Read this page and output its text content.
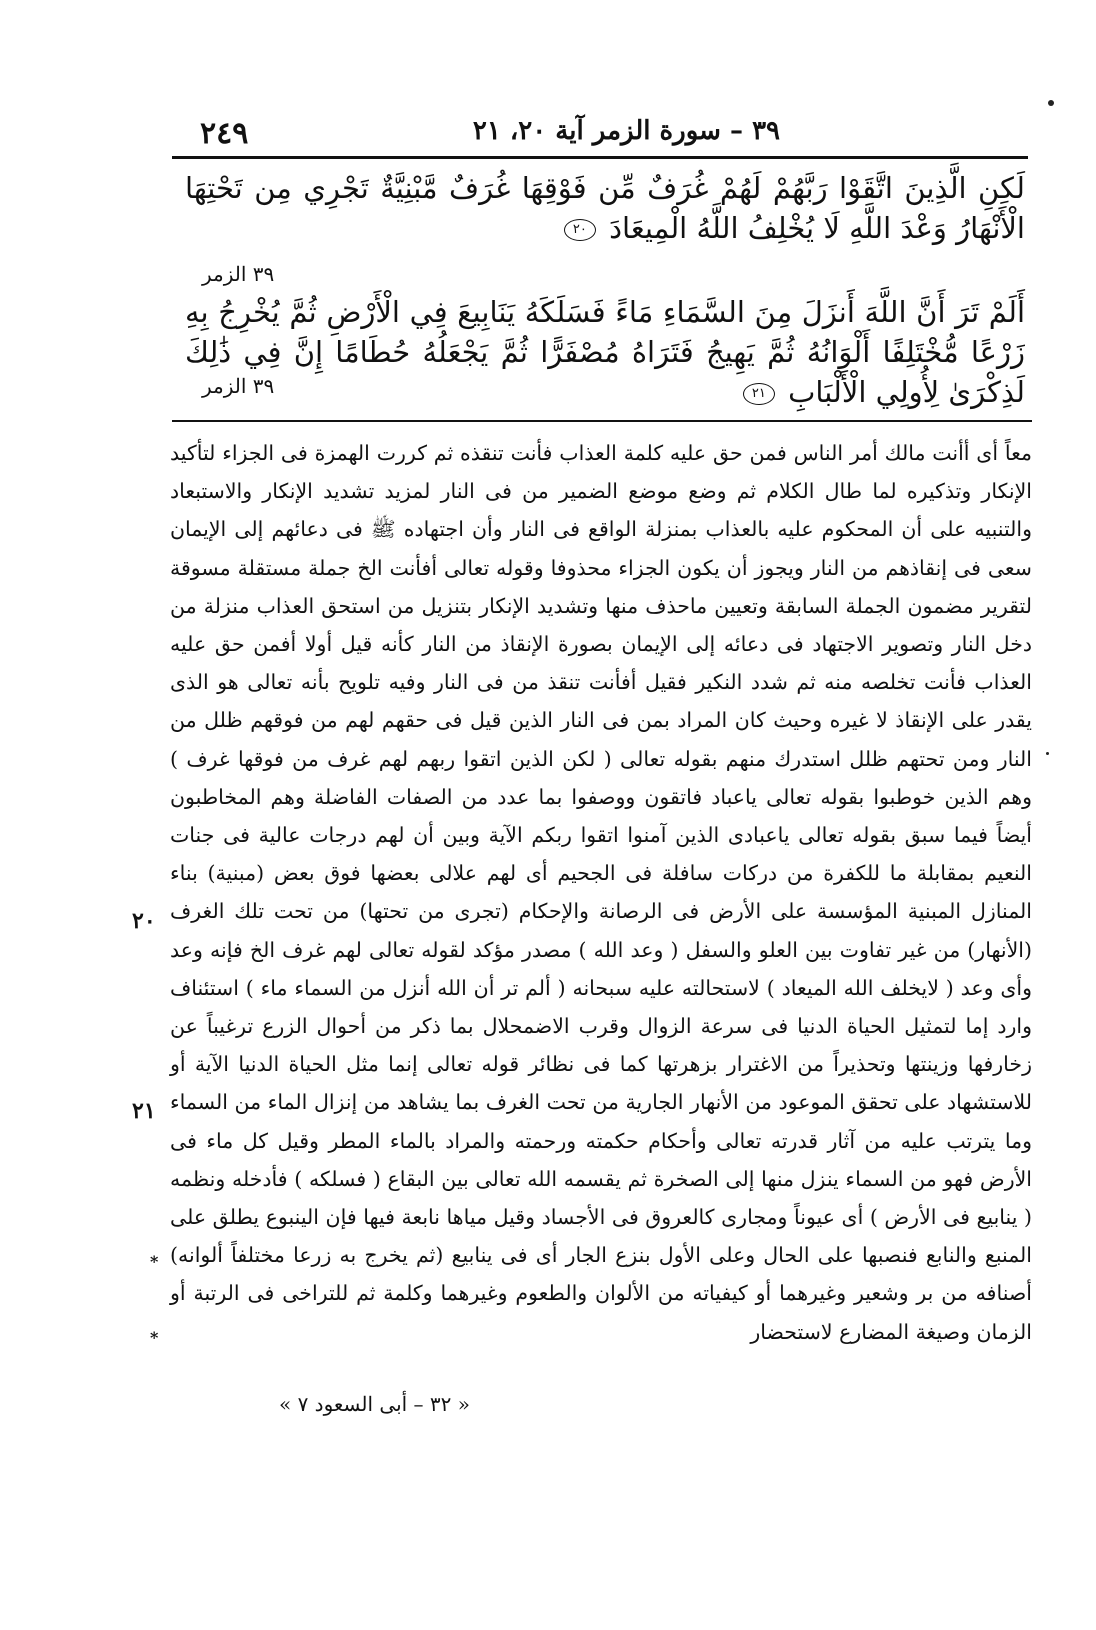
٢٤٩	٣٩ – سورة الزمر آية ٢٠، ٢١
لَكِنِ الَّذِينَ اتَّقَوْا رَبَّهُمْ لَهُمْ غُرَفٌ مِّن فَوْقِهَا غُرَفٌ مَّبْنِيَّةٌ تَجْرِي مِن تَحْتِهَا الْأَنْهَارُ وَعْدَ اللَّهِ لَا يُخْلِفُ اللَّهُ الْمِيعَادَ ٢٠
٣٩ الزمر
أَلَمْ تَرَ أَنَّ اللَّهَ أَنزَلَ مِنَ السَّمَاءِ مَاءً فَسَلَكَهُ يَنَابِيعَ فِي الْأَرْضِ ثُمَّ يُخْرِجُ بِهِ زَرْعًا مُّخْتَلِفًا أَلْوَانُهُ ثُمَّ يَهِيجُ فَتَرَاهُ مُصْفَرًّا ثُمَّ يَجْعَلُهُ حُطَامًا إِنَّ فِي ذَٰلِكَ لَذِكْرَىٰ لِأُولِي الْأَلْبَابِ ٢١
٣٩ الزمر

معاً أى أأنت مالك أمر الناس فمن حق عليه كلمة العذاب فأنت تنقذه ثم كررت الهمزة فى الجزاء لتأكيد الإنكار وتذكيره لما طال الكلام ثم وضع موضع الضمير من فى النار لمزيد تشديد الإنكار والاستبعاد والتنبيه على أن المحكوم عليه بالعذاب بمنزلة الواقع فى النار وأن اجتهاده ﷺ فى دعائهم إلى الإيمان سعى فى إنقاذهم من النار ويجوز أن يكون الجزاء محذوفا وقوله تعالى أفأنت الخ جملة مستقلة مسوقة لتقرير مضمون الجملة السابقة وتعيين ماحذف منها وتشديد الإنكار بتنزيل من استحق العذاب منزلة من دخل النار وتصوير الاجتهاد فى دعائه إلى الإيمان بصورة الإنقاذ من النار كأنه قيل أولا أفمن حق عليه العذاب فأنت تخلصه منه ثم شدد النكير فقيل أفأنت تنقذ من فى النار وفيه تلويح بأنه تعالى هو الذى يقدر على الإنقاذ لا غيره وحيث كان المراد بمن فى النار الذين قيل فى حقهم لهم من فوقهم ظلل من النار ومن تحتهم ظلل استدرك منهم بقوله تعالى ( لكن الذين اتقوا ربهم لهم غرف من فوقها غرف ) وهم الذين خوطبوا بقوله تعالى ياعباد فاتقون ووصفوا بما عدد من الصفات الفاضلة وهم المخاطبون أيضاً فيما سبق بقوله تعالى ياعبادى الذين آمنوا اتقوا ربكم الآية وبين أن لهم درجات عالية فى جنات النعيم بمقابلة ما للكفرة من دركات سافلة فى الجحيم أى لهم علالى بعضها فوق بعض (مبنية) بناء المنازل المبنية المؤسسة على الأرض فى الرصانة والإحكام (تجرى من تحتها) من تحت تلك الغرف (الأنهار) من غير تفاوت بين العلو والسفل ( وعد الله ) مصدر مؤكد لقوله تعالى لهم غرف الخ فإنه وعد وأى وعد ( لايخلف الله الميعاد ) لاستحالته عليه سبحانه ( ألم تر أن الله أنزل من السماء ماء ) استئناف وارد إما لتمثيل الحياة الدنيا فى سرعة الزوال وقرب الاضمحلال بما ذكر من أحوال الزرع ترغيباً عن زخارفها وزينتها وتحذيراً من الاغترار بزهرتها كما فى نظائر قوله تعالى إنما مثل الحياة الدنيا الآية أو للاستشهاد على تحقق الموعود من الأنهار الجارية من تحت الغرف بما يشاهد من إنزال الماء من السماء وما يترتب عليه من آثار قدرته تعالى وأحكام حكمته ورحمته والمراد بالماء المطر وقيل كل ماء فى الأرض فهو من السماء ينزل منها إلى الصخرة ثم يقسمه الله تعالى بين البقاع ( فسلكه ) فأدخله ونظمه ( ينابيع فى الأرض ) أى عيوناً ومجارى كالعروق فى الأجساد وقيل مياها نابعة فيها فإن الينبوع يطلق على المنبع والنابع فنصبها على الحال وعلى الأول بنزع الجار أى فى ينابيع (ثم يخرج به زرعا مختلفاً ألوانه) أصنافه من بر وشعير وغيرهما أو كيفياته من الألوان والطعوم وغيرهما وكلمة ثم للتراخى فى الرتبة أو الزمان وصيغة المضارع لاستحضار

٢٠
٢١
*
*
« ٣٢ – أبى السعود ٧ »
